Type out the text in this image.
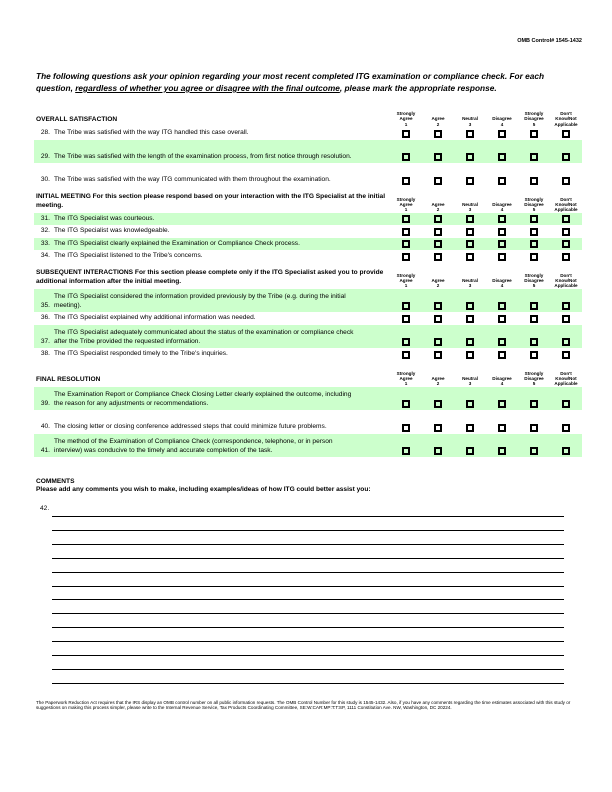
OMB Control# 1545-1432
The following questions ask your opinion regarding your most recent completed ITG examination or compliance check. For each question, regardless of whether you agree or disagree with the final outcome, please mark the appropriate response.
OVERALL SATISFACTION
Strongly
Agree
1

Agree
2

Neutral
3

Disagree
4
Strongly
Disagree
5
Don't
Know/Not
Applicable
28. The Tribe was satisfied with the way ITG handled this case overall.
29. The Tribe was satisfied with the length of the examination process, from first notice through resolution.
30. The Tribe was satisfied with the way ITG communicated with them throughout the examination.
INITIAL MEETING For this section please respond based on your interaction with the ITG Specialist at the initial meeting.
Strongly
Agree
1

Agree
2

Neutral
3

Disagree
4
Strongly
Disagree
5
Don't
Know/Not
Applicable
31. The ITG Specialist was courteous.
32. The ITG Specialist was knowledgeable.
33. The ITG Specialist clearly explained the Examination or Compliance Check process.
34. The ITG Specialist listened to the Tribe's concerns.
SUBSEQUENT INTERACTIONS For this section please complete only if the ITG Specialist asked you to provide additional information after the initial meeting.
Strongly
Agree
1

Agree
2

Neutral
3

Disagree
4
Strongly
Disagree
5
Don't
Know/Not
Applicable
35.
The ITG Specialist considered the information provided previously by the Tribe (e.g. during the initial meeting).
36. The ITG Specialist explained why additional information was needed.
37.
The ITG Specialist adequately communicated about the status of the examination or compliance check after the Tribe provided the requested information.
38. The ITG Specialist responded timely to the Tribe's inquiries.
FINAL RESOLUTION
Strongly
Agree
1

Agree
2

Neutral
3

Disagree
4
Strongly
Disagree
5
Don't
Know/Not
Applicable
39.
The Examination Report or Compliance Check Closing Letter clearly explained the outcome, including the reason for any adjustments or recommendations.
40. The closing letter or closing conference addressed steps that could minimize future problems.
41.
The method of the Examination of Compliance Check (correspondence, telephone, or in person interview) was conducive to the timely and accurate completion of the task.
COMMENTS
Please add any comments you wish to make, including examples/ideas of how ITG could better assist you:
42.
The Paperwork Reduction Act requires that the IRS display an OMB control number on all public information requests. The OMB Control Number for this study is 1545-1432. Also, if you have any comments regarding the time estimates associated with this study or suggestions on making this process simpler, please write to the Internal Revenue Service, Tax Products Coordinating Committee, SE:W:CAR:MP:T:T:SP, 1111 Constitution Ave. NW, Washington, DC 20224.
